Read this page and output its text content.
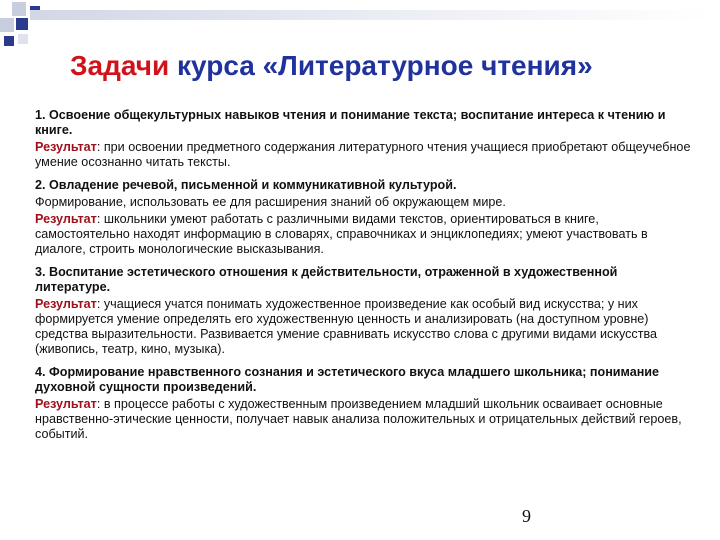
Задачи курса «Литературное чтения»

1. Освоение общекультурных навыков чтения и понимание текста; воспитание интереса к чтению и книге.

Результат: при освоении предметного содержания литературного чтения учащиеся приобретают общеучебное умение осознанно читать тексты.

2. Овладение речевой, письменной и коммуникативной культурой.

Формирование, использовать ее для расширения знаний об окружающем мире.

Результат: школьники умеют работать с различными видами текстов, ориентироваться в книге, самостоятельно находят информацию в словарях, справочниках и энциклопедиях; умеют участвовать в диалоге, строить монологические высказывания.

3. Воспитание эстетического отношения к действительности, отраженной в художественной литературе.

Результат: учащиеся учатся понимать художественное произведение как особый вид искусства; у них формируется умение определять его художественную ценность и анализировать (на доступном уровне) средства выразительности. Развивается умение сравнивать искусство слова с другими видами искусства (живопись, театр, кино, музыка).

4. Формирование нравственного сознания и эстетического вкуса младшего школьника; понимание духовной сущности произведений.

Результат: в процессе работы с художественным произведением младший школьник осваивает основные нравственно-этические ценности, получает навык анализа положительных и отрицательных действий героев, событий.

9
